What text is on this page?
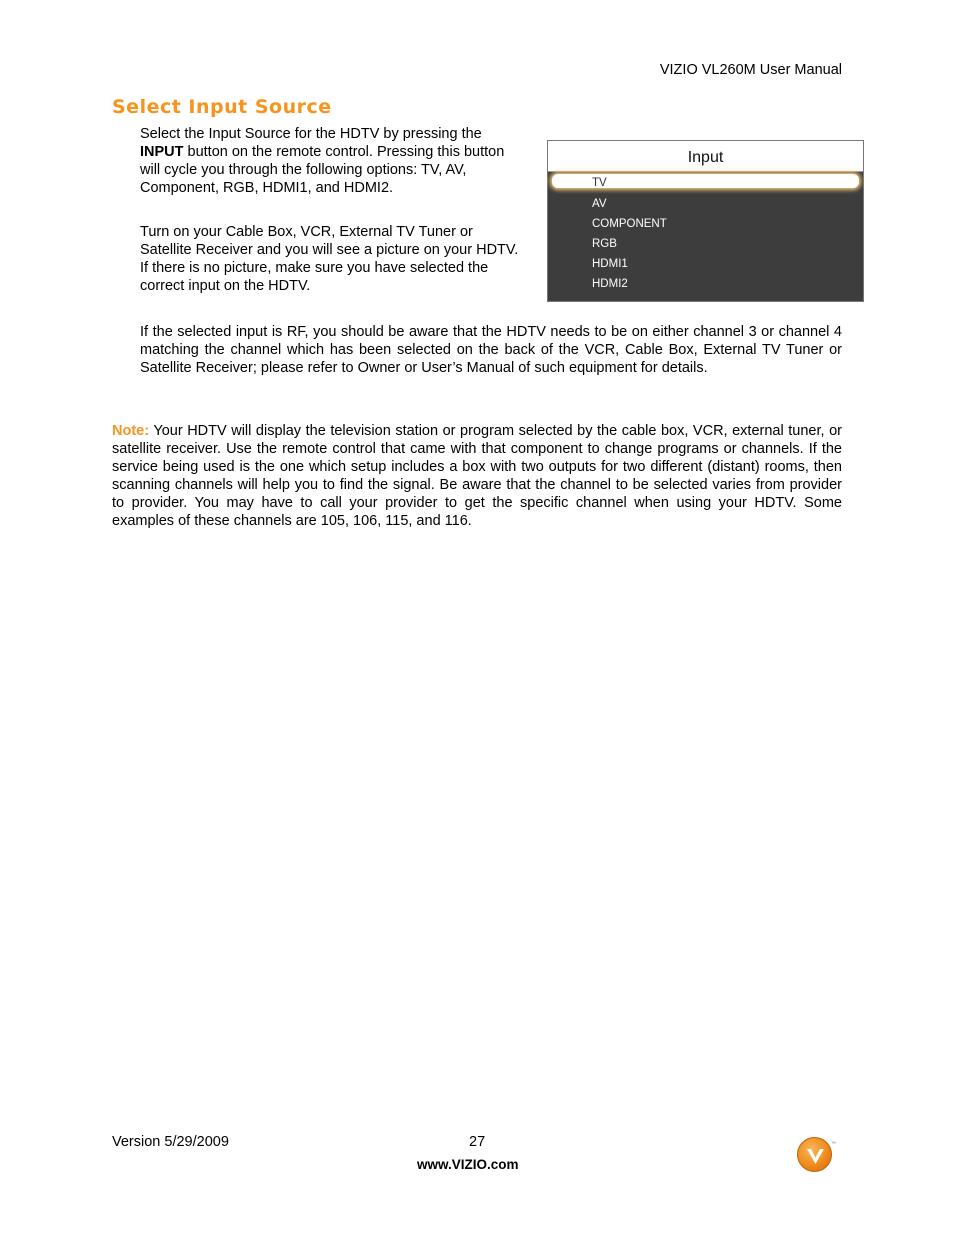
VIZIO VL260M User Manual
Select Input Source

Select the Input Source for the HDTV by pressing the INPUT button on the remote control. Pressing this button will cycle you through the following options: TV, AV, Component, RGB, HDMI1, and HDMI2.

Turn on your Cable Box, VCR, External TV Tuner or Satellite Receiver and you will see a picture on your HDTV. If there is no picture, make sure you have selected the correct input on the HDTV.

Input
TV
AV
COMPONENT
RGB
HDMI1
HDMI2

If the selected input is RF, you should be aware that the HDTV needs to be on either channel 3 or channel 4 matching the channel which has been selected on the back of the VCR, Cable Box, External TV Tuner or Satellite Receiver; please refer to Owner or User’s Manual of such equipment for details.

Note: Your HDTV will display the television station or program selected by the cable box, VCR, external tuner, or satellite receiver. Use the remote control that came with that component to change programs or channels. If the service being used is the one which setup includes a box with two outputs for two different (distant) rooms, then scanning channels will help you to find the signal. Be aware that the channel to be selected varies from provider to provider. You may have to call your provider to get the specific channel when using your HDTV. Some examples of these channels are 105, 106, 115, and 116.

Version 5/29/2009	27
www.VIZIO.com
™
